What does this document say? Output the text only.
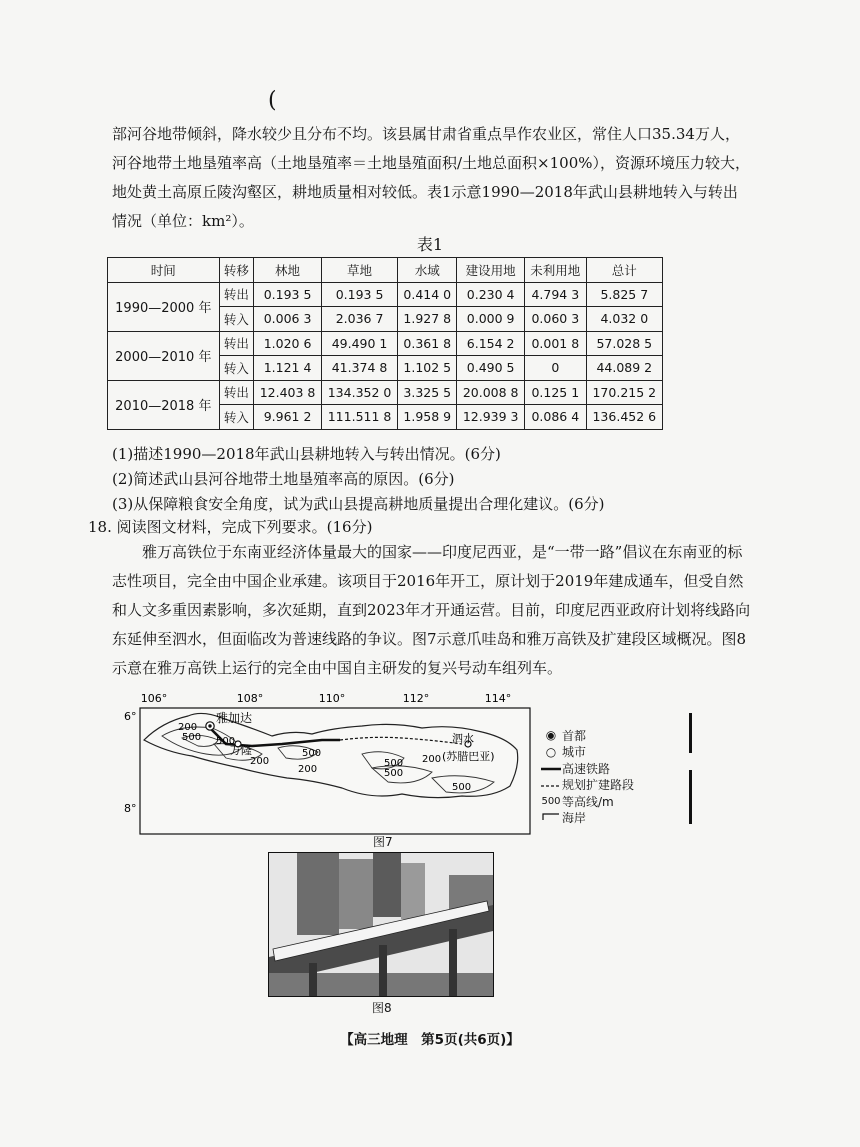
(

部河谷地带倾斜，降水较少且分布不均。该县属甘肃省重点旱作农业区，常住人口35.34万人，河谷地带土地垦殖率高（土地垦殖率＝土地垦殖面积/土地总面积×100%），资源环境压力较大，地处黄土高原丘陵沟壑区，耕地质量相对较低。表1示意1990—2018年武山县耕地转入与转出情况（单位：km²）。

表1
时间	转移	林地	草地	水域	建设用地	未利用地	总计
1990—2000 年	转出	0.193 5	0.193 5	0.414 0	0.230 4	4.794 3	5.825 7
	转入	0.006 3	2.036 7	1.927 8	0.000 9	0.060 3	4.032 0
2000—2010 年	转出	1.020 6	49.490 1	0.361 8	6.154 2	0.001 8	57.028 5
	转入	1.121 4	41.374 8	1.102 5	0.490 5	0	44.089 2
2010—2018 年	转出	12.403 8	134.352 0	3.325 5	20.008 8	0.125 1	170.215 2
	转入	9.961 2	111.511 8	1.958 9	12.939 3	0.086 4	136.452 6
(1)描述1990—2018年武山县耕地转入与转出情况。(6分)
(2)简述武山县河谷地带土地垦殖率高的原因。(6分)
(3)从保障粮食安全角度，试为武山县提高耕地质量提出合理化建议。(6分)
18. 阅读图文材料，完成下列要求。(16分)

雅万高铁位于东南亚经济体量最大的国家——印度尼西亚，是“一带一路”倡议在东南亚的标志性项目，完全由中国企业承建。该项目于2016年开工，原计划于2019年建成通车，但受自然和人文多重因素影响，多次延期，直到2023年才开通运营。目前，印度尼西亚政府计划将线路向东延伸至泗水，但面临改为普速线路的争议。图7示意爪哇岛和雅万高铁及扩建段区域概况。图8示意在雅万高铁上运行的完全由中国自主研发的复兴号动车组列车。

106°	108°	110°	112°	114°
6°
8°
雅加达
万隆
泗水
(苏腊巴亚)
200
500 500
200
500
200
500
500
200
500
◉ 首都
○ 城市
高速铁路
规划扩建路段
500 等高线/m
海岸
图7
图8
【高三地理　第5页(共6页)】
